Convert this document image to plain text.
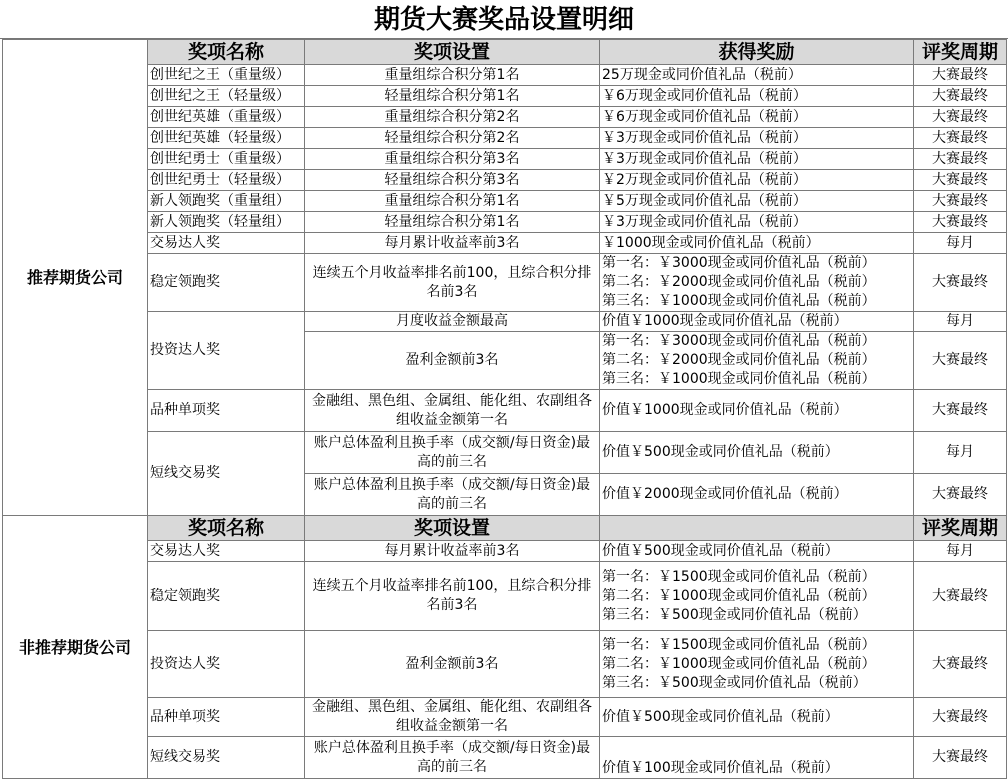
期货大赛奖品设置明细
推荐期货公司	奖项名称	奖项设置	获得奖励	评奖周期
	创世纪之王（重量级）	重量组综合积分第1名	25万现金或同价值礼品（税前）	大赛最终
	创世纪之王（轻量级）	轻量组综合积分第1名	￥6万现金或同价值礼品（税前）	大赛最终
	创世纪英雄（重量级）	重量组综合积分第2名	￥6万现金或同价值礼品（税前）	大赛最终
	创世纪英雄（轻量级）	轻量组综合积分第2名	￥3万现金或同价值礼品（税前）	大赛最终
	创世纪勇士（重量级）	重量组综合积分第3名	￥3万现金或同价值礼品（税前）	大赛最终
	创世纪勇士（轻量级）	轻量组综合积分第3名	￥2万现金或同价值礼品（税前）	大赛最终
	新人领跑奖（重量组）	重量组综合积分第1名	￥5万现金或同价值礼品（税前）	大赛最终
	新人领跑奖（轻量组）	轻量组综合积分第1名	￥3万现金或同价值礼品（税前）	大赛最终
	交易达人奖	每月累计收益率前3名	￥1000现金或同价值礼品（税前）	每月
	稳定领跑奖	连续五个月收益率排名前100，且综合积分排名前3名	第一名：￥3000现金或同价值礼品（税前）
第二名：￥2000现金或同价值礼品（税前）
第三名：￥1000现金或同价值礼品（税前）	大赛最终
	投资达人奖	月度收益金额最高	价值￥1000现金或同价值礼品（税前）	每月
		盈利金额前3名	第一名：￥3000现金或同价值礼品（税前）
第二名：￥2000现金或同价值礼品（税前）
第三名：￥1000现金或同价值礼品（税前）	大赛最终
	品种单项奖	金融组、黑色组、金属组、能化组、农副组各组收益金额第一名	价值￥1000现金或同价值礼品（税前）	大赛最终
	短线交易奖	账户总体盈利且换手率（成交额/每日资金)最高的前三名	价值￥500现金或同价值礼品（税前）	每月
		账户总体盈利且换手率（成交额/每日资金)最高的前三名	价值￥2000现金或同价值礼品（税前）	大赛最终
非推荐期货公司	奖项名称	奖项设置		评奖周期
	交易达人奖	每月累计收益率前3名	价值￥500现金或同价值礼品（税前）	每月
	稳定领跑奖	连续五个月收益率排名前100，且综合积分排名前3名	第一名：￥1500现金或同价值礼品（税前）
第二名：￥1000现金或同价值礼品（税前）
第三名：￥500现金或同价值礼品（税前）	大赛最终
	投资达人奖	盈利金额前3名	第一名：￥1500现金或同价值礼品（税前）
第二名：￥1000现金或同价值礼品（税前）
第三名：￥500现金或同价值礼品（税前）	大赛最终
	品种单项奖	金融组、黑色组、金属组、能化组、农副组各组收益金额第一名	价值￥500现金或同价值礼品（税前）	大赛最终
	短线交易奖	账户总体盈利且换手率（成交额/每日资金)最高的前三名	价值￥100现金或同价值礼品（税前）	大赛最终
